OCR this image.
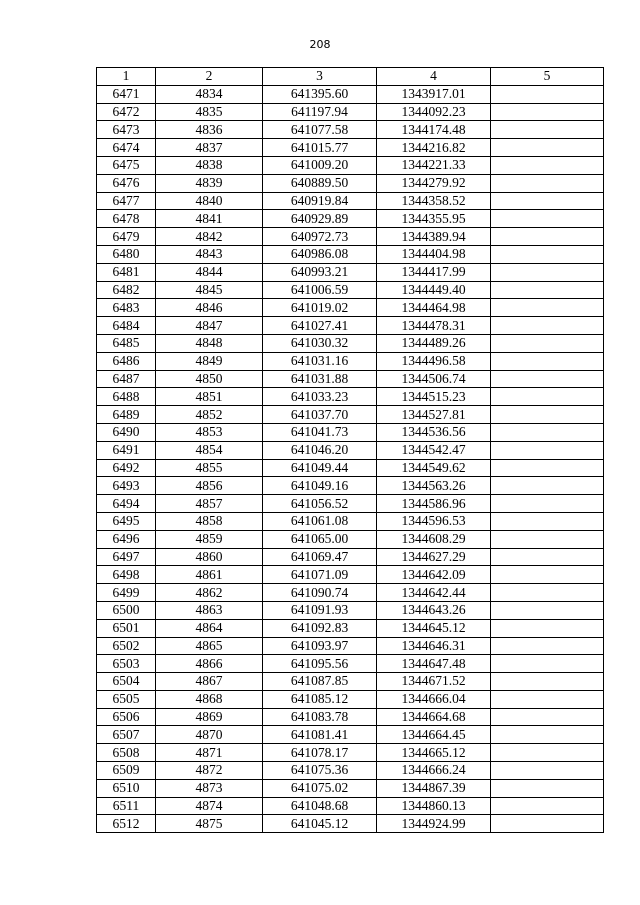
208
1	2	3	4	5
6471	4834	641395.60	1343917.01	
6472	4835	641197.94	1344092.23	
6473	4836	641077.58	1344174.48	
6474	4837	641015.77	1344216.82	
6475	4838	641009.20	1344221.33	
6476	4839	640889.50	1344279.92	
6477	4840	640919.84	1344358.52	
6478	4841	640929.89	1344355.95	
6479	4842	640972.73	1344389.94	
6480	4843	640986.08	1344404.98	
6481	4844	640993.21	1344417.99	
6482	4845	641006.59	1344449.40	
6483	4846	641019.02	1344464.98	
6484	4847	641027.41	1344478.31	
6485	4848	641030.32	1344489.26	
6486	4849	641031.16	1344496.58	
6487	4850	641031.88	1344506.74	
6488	4851	641033.23	1344515.23	
6489	4852	641037.70	1344527.81	
6490	4853	641041.73	1344536.56	
6491	4854	641046.20	1344542.47	
6492	4855	641049.44	1344549.62	
6493	4856	641049.16	1344563.26	
6494	4857	641056.52	1344586.96	
6495	4858	641061.08	1344596.53	
6496	4859	641065.00	1344608.29	
6497	4860	641069.47	1344627.29	
6498	4861	641071.09	1344642.09	
6499	4862	641090.74	1344642.44	
6500	4863	641091.93	1344643.26	
6501	4864	641092.83	1344645.12	
6502	4865	641093.97	1344646.31	
6503	4866	641095.56	1344647.48	
6504	4867	641087.85	1344671.52	
6505	4868	641085.12	1344666.04	
6506	4869	641083.78	1344664.68	
6507	4870	641081.41	1344664.45	
6508	4871	641078.17	1344665.12	
6509	4872	641075.36	1344666.24	
6510	4873	641075.02	1344867.39	
6511	4874	641048.68	1344860.13	
6512	4875	641045.12	1344924.99	
